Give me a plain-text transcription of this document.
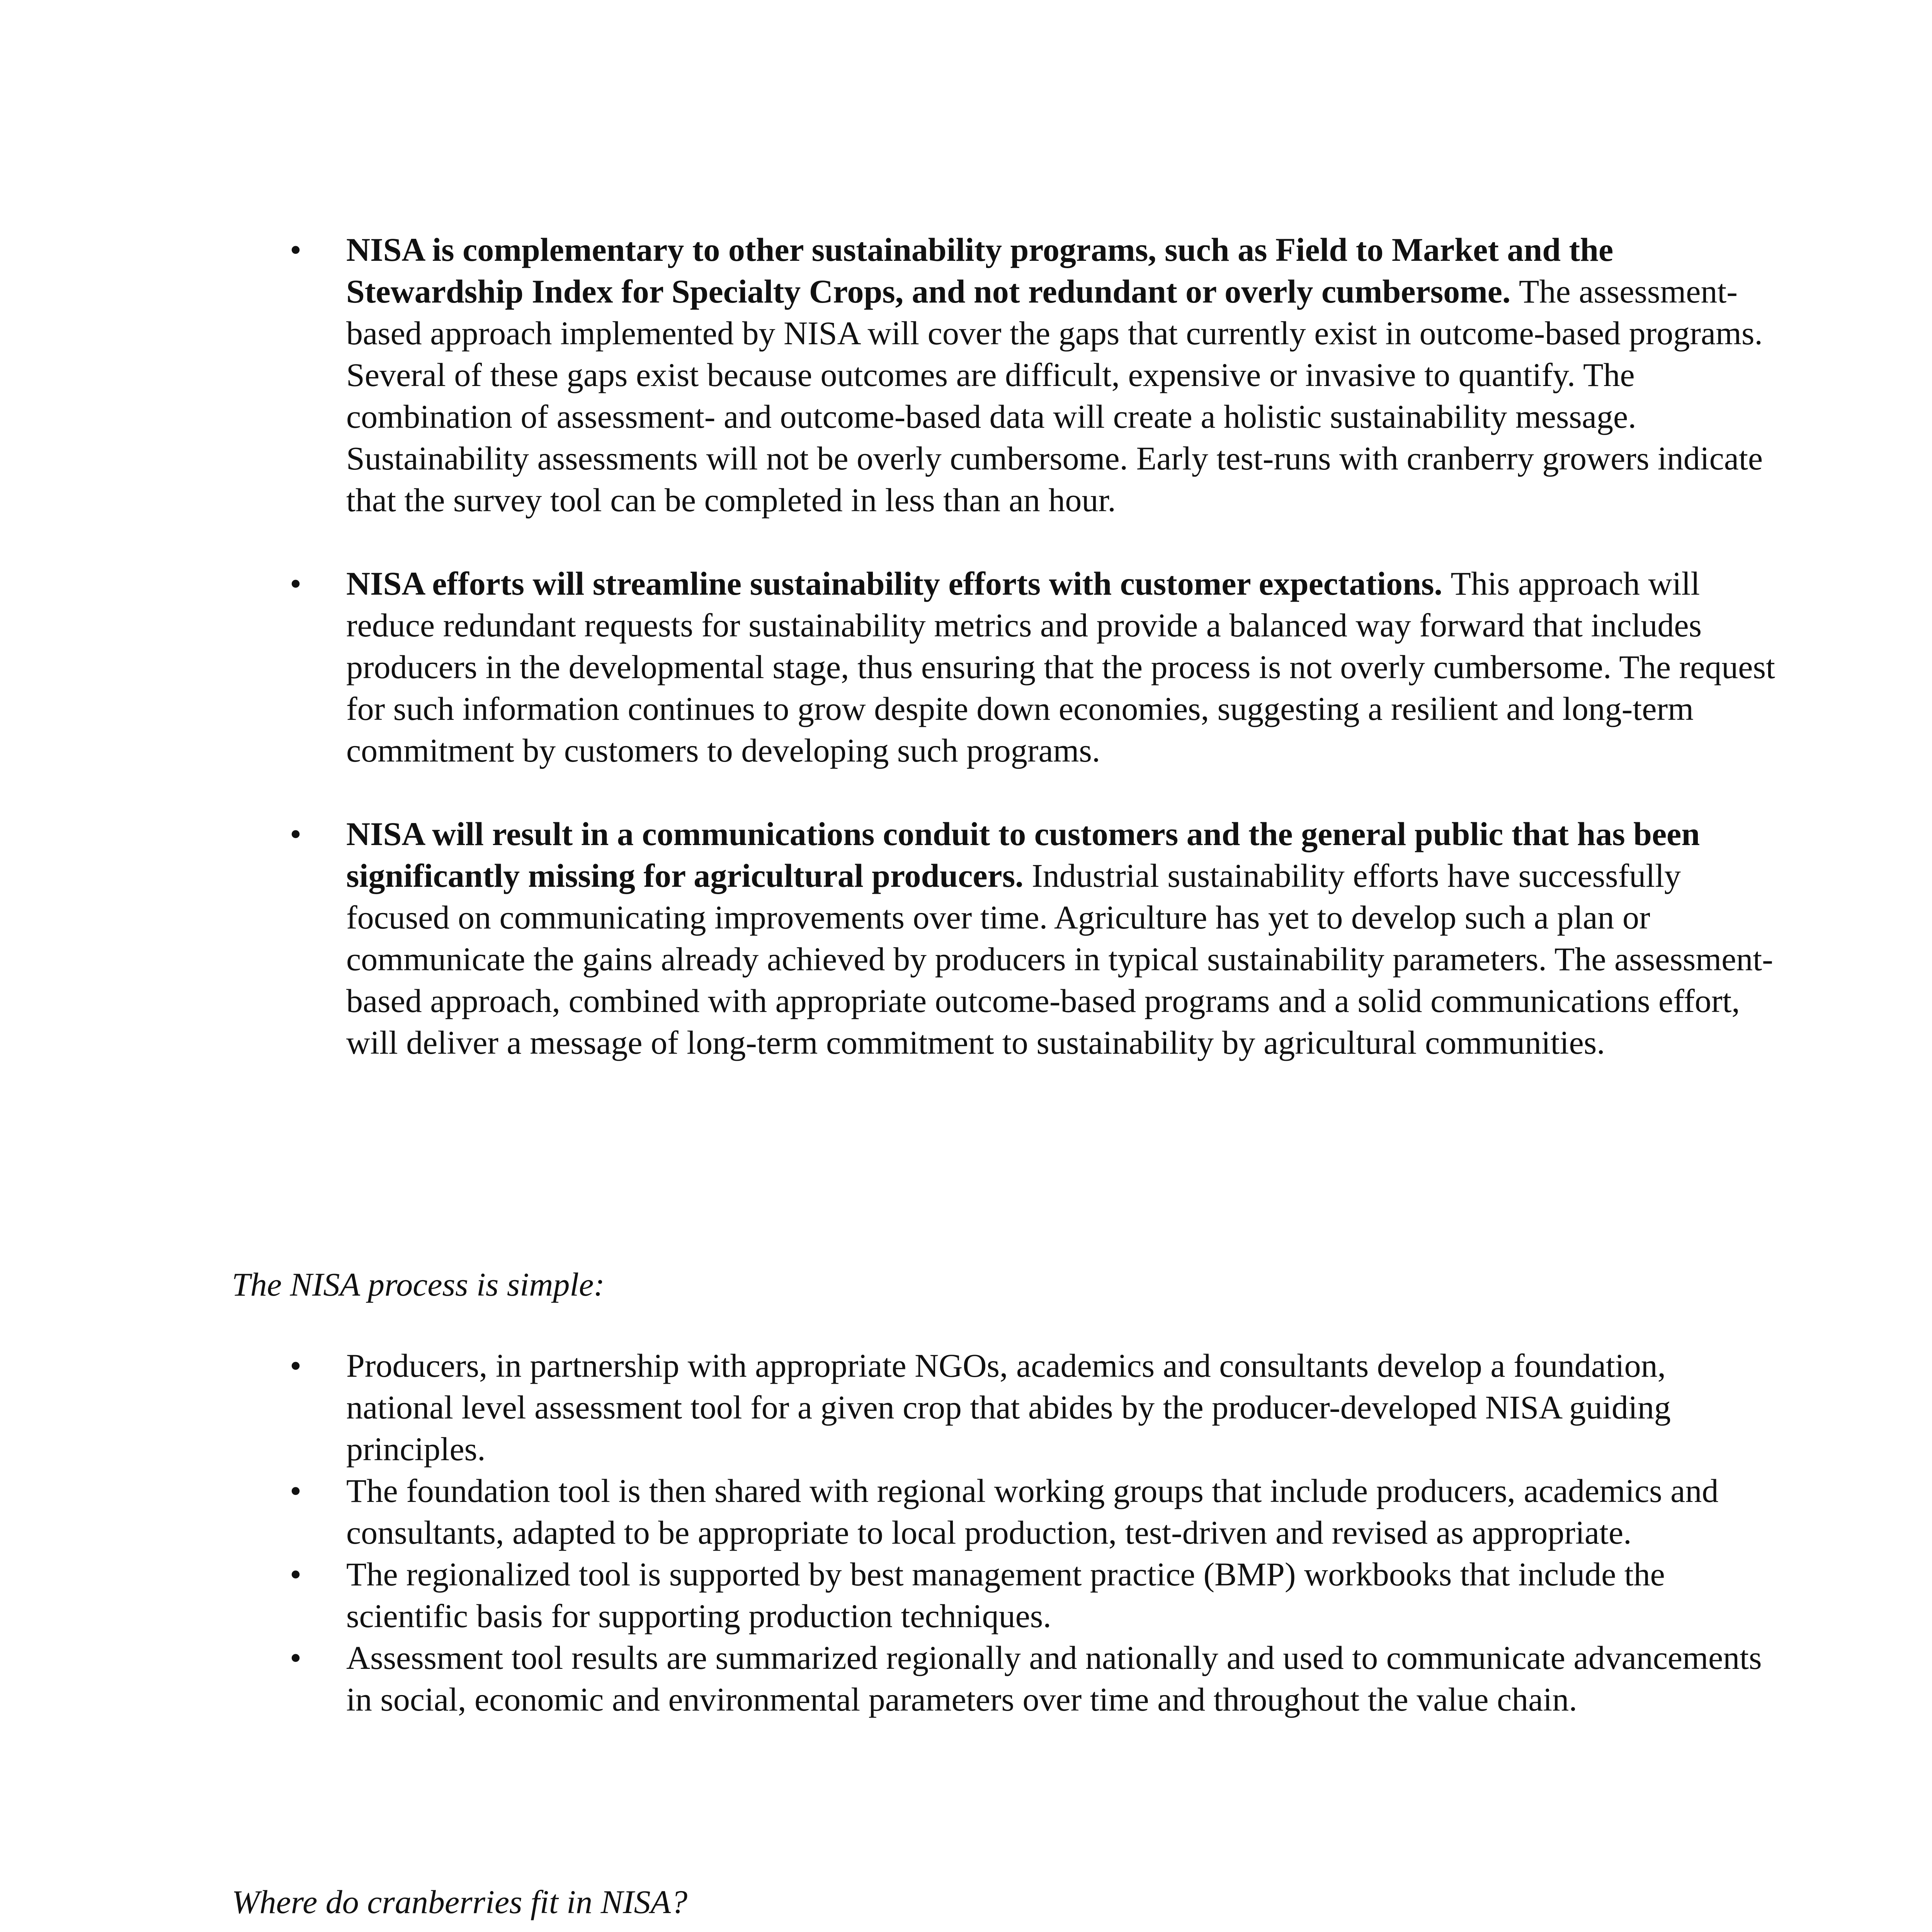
• NISA is complementary to other sustainability programs, such as Field to Market and the Stewardship Index for Specialty Crops, and not redundant or overly cumbersome. The assessment-based approach implemented by NISA will cover the gaps that currently exist in outcome-based programs. Several of these gaps exist because outcomes are difficult, expensive or invasive to quantify. The combination of assessment- and outcome-based data will create a holistic sustainability message. Sustainability assessments will not be overly cumbersome. Early test-runs with cranberry growers indicate that the survey tool can be completed in less than an hour.
• NISA efforts will streamline sustainability efforts with customer expectations. This approach will reduce redundant requests for sustainability metrics and provide a balanced way forward that includes producers in the developmental stage, thus ensuring that the process is not overly cumbersome. The request for such information continues to grow despite down economies, suggesting a resilient and long-term commitment by customers to developing such programs.
• NISA will result in a communications conduit to customers and the general public that has been significantly missing for agricultural producers. Industrial sustainability efforts have successfully focused on communicating improvements over time. Agriculture has yet to develop such a plan or communicate the gains already achieved by producers in typical sustainability parameters. The assessment-based approach, combined with appropriate outcome-based programs and a solid communications effort, will deliver a message of long-term commitment to sustainability by agricultural communities.

The NISA process is simple:

• Producers, in partnership with appropriate NGOs, academics and consultants develop a foundation, national level assessment tool for a given crop that abides by the producer-developed NISA guiding principles.
• The foundation tool is then shared with regional working groups that include producers, academics and consultants, adapted to be appropriate to local production, test-driven and revised as appropriate.
• The regionalized tool is supported by best management practice (BMP) workbooks that include the scientific basis for supporting production techniques.
• Assessment tool results are summarized regionally and nationally and used to communicate advancements in social, economic and environmental parameters over time and throughout the value chain.

Where do cranberries fit in NISA?
